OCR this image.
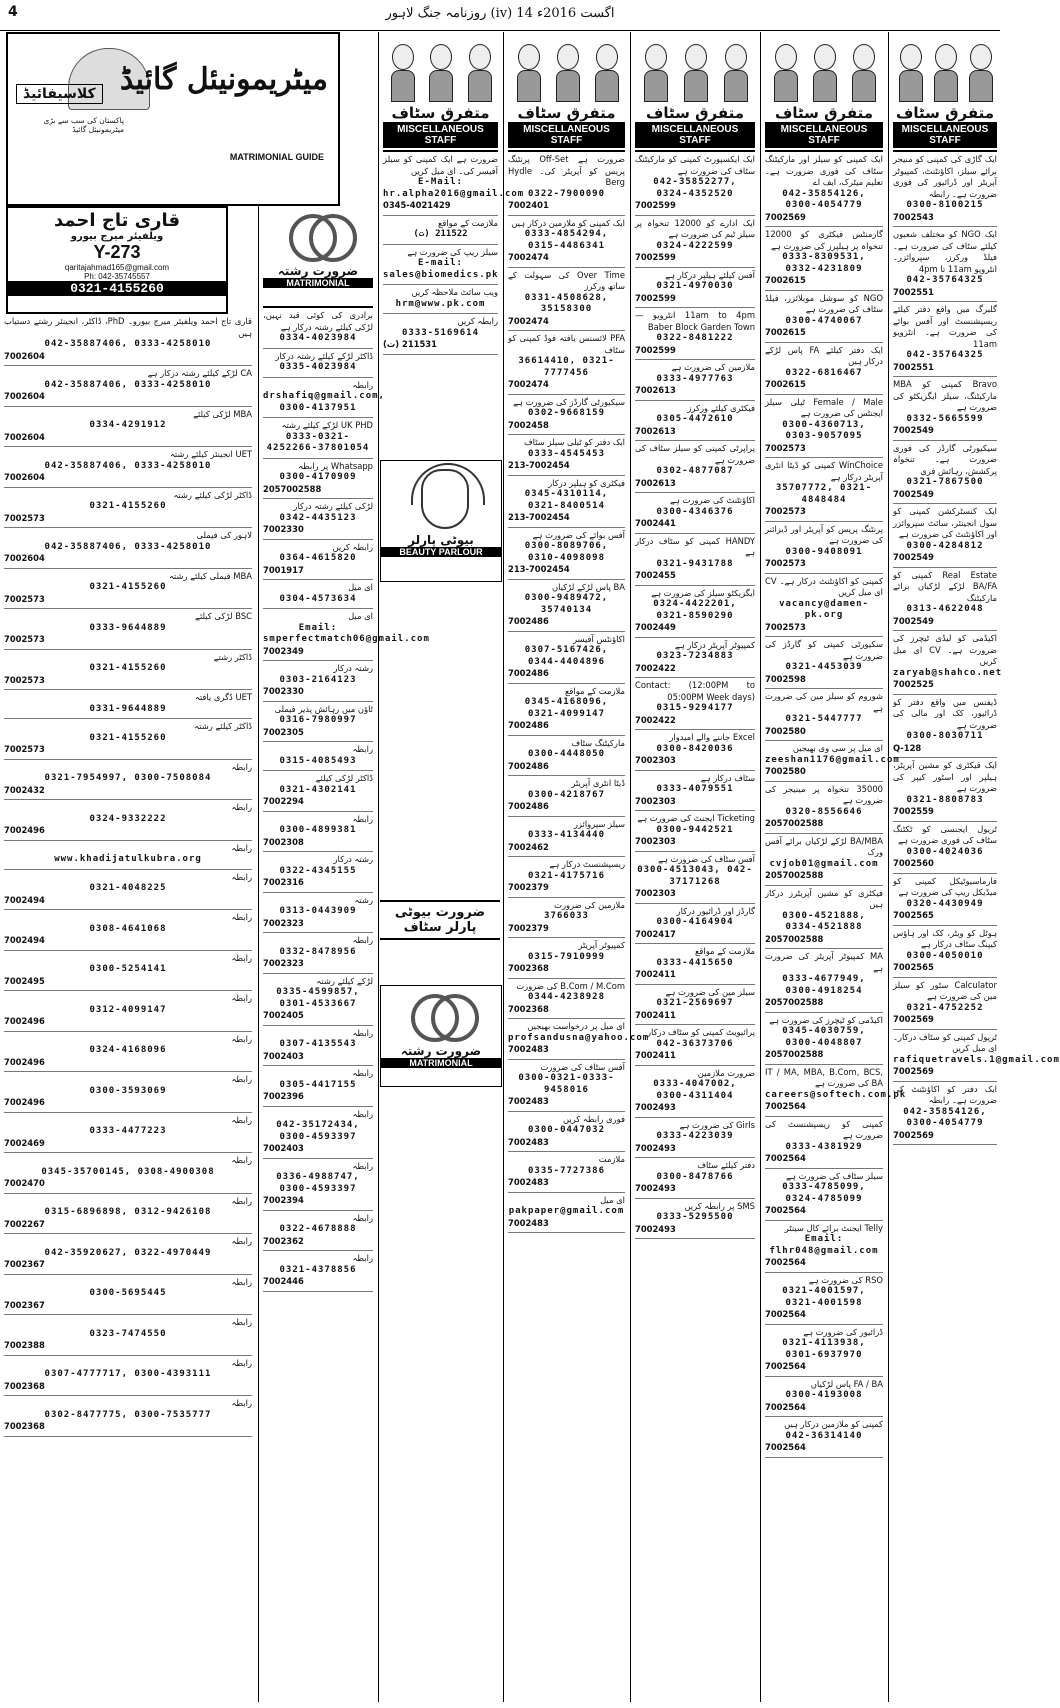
4	روزنامہ جنگ لاہور (iv) 14 اگست 2016ء
متفرق سٹاف
MISCELLANEOUS STAFF
ایک گاڑی کی کمپنی کو منیجر برائے سیلز، اکاؤنٹنٹ، کمپیوٹر آپریٹر اور ڈرائیور کی فوری ضرورت ہے۔ رابطہ
0300-8100215
7002543
ایک NGO کو مختلف شعبوں کیلئے سٹاف کی ضرورت ہے۔ فیلڈ ورکرز، سپروائزر۔ انٹرویو 11am تا 4pm
042-35764325
7002551
گلبرگ میں واقع دفتر کیلئے ریسپشنسٹ اور آفس بوائے کی ضرورت ہے۔ انٹرویو 11am
042-35764325
7002551
Bravo کمپنی کو MBA مارکیٹنگ، سیلز ایگزیکٹو کی ضرورت ہے
0332-5665599
7002549
سیکیورٹی گارڈز کی فوری ضرورت ہے۔ تنخواہ پرکشش، رہائش فری
0321-7867500
7002549
ایک کنسٹرکشن کمپنی کو سول انجینئر، سائٹ سپروائزر اور اکاؤنٹنٹ کی ضرورت ہے
0300-4284812
7002549
Real Estate کمپنی کو BA/FA لڑکے لڑکیاں برائے مارکیٹنگ
0313-4622048
7002549
اکیڈمی کو لیڈی ٹیچرز کی ضرورت ہے۔ CV ای میل کریں
zaryab@shahco.net
7002525
ڈیفنس میں واقع دفتر کو ڈرائیور، کک اور مالی کی ضرورت ہے
0300-8030711
Q-128
ایک فیکٹری کو مشین آپریٹر، ہیلپر اور اسٹور کیپر کی ضرورت ہے
0321-8808783
7002559
ٹریول ایجنسی کو ٹکٹنگ سٹاف کی فوری ضرورت ہے
0300-4024036
7002560
فارماسیوٹیکل کمپنی کو میڈیکل ریپ کی ضرورت ہے
0320-4430949
7002565
ہوٹل کو ویٹر، کک اور ہاؤس کیپنگ سٹاف درکار ہے
0300-4050010
7002565
Calculator سٹور کو سیلز مین کی ضرورت ہے
0321-4752252
7002569
ٹریول کمپنی کو سٹاف درکار۔ ای میل کریں
rafiquetravels.1@gmail.com
7002569
ایک دفتر کو اکاؤنٹنٹ کی ضرورت ہے۔ رابطہ
042-35854126, 0300-4054779
7002569
متفرق سٹاف
MISCELLANEOUS STAFF
ایک کمپنی کو سیلز اور مارکیٹنگ سٹاف کی فوری ضرورت ہے۔ تعلیم میٹرک، ایف اے
042-35854126, 0300-4054779
7002569
گارمنٹس فیکٹری کو 12000 تنخواہ پر ہیلپرز کی ضرورت ہے
0333-8309531, 0332-4231809
7002615
NGO کو سوشل موبلائزر، فیلڈ سٹاف کی ضرورت ہے
0300-4740067
7002615
ایک دفتر کیلئے FA پاس لڑکے درکار ہیں
0322-6816467
7002615
Female / Male ٹیلی سیلز ایجنٹس کی ضرورت ہے
0300-4360713, 0303-9057095
7002573
WinChoice کمپنی کو ڈیٹا انٹری آپریٹر درکار ہے
35707772, 0321-4848484
7002573
پرنٹنگ پریس کو آپریٹر اور ڈیزائنر کی ضرورت ہے
0300-9408091
7002573
کمپنی کو اکاؤنٹنٹ درکار ہے۔ CV ای میل کریں
vacancy@damen-pk.org
7002573
سکیورٹی کمپنی کو گارڈز کی ضرورت ہے
0321-4453039
7002598
شوروم کو سیلز مین کی ضرورت ہے
0321-5447777
7002580
ای میل پر سی وی بھیجیں
zeeshan1176@gmail.com
7002580
35000 تنخواہ پر مینیجر کی ضرورت ہے
0320-8556646
2057002588
BA/MBA لڑکے لڑکیاں برائے آفس ورک
cvjob01@gmail.com
2057002588
فیکٹری کو مشین آپریٹرز درکار ہیں
0300-4521888, 0334-4521888
2057002588
MA کمپیوٹر آپریٹر کی ضرورت ہے
0333-4677949, 0300-4918254
2057002588
اکیڈمی کو ٹیچرز کی ضرورت ہے
0345-4030759, 0300-4048807
2057002588
IT / MA, MBA, B.Com, BCS, BA کی ضرورت ہے
careers@softech.com.pk
7002564
کمپنی کو ریسپشنسٹ کی ضرورت ہے
0333-4381929
7002564
سیلز سٹاف کی ضرورت ہے
0333-4785099, 0324-4785099
7002564
Telly ایجنٹ برائے کال سینٹر
Email: flhr048@gmail.com
7002564
RSO کی ضرورت ہے
0321-4001597, 0321-4001598
7002564
ڈرائیور کی ضرورت ہے
0321-4113938, 0301-6937970
7002564
FA / BA پاس لڑکیاں
0300-4193008
7002564
کمپنی کو ملازمین درکار ہیں
042-36314140
7002564
متفرق سٹاف
MISCELLANEOUS STAFF
ایک ایکسپورٹ کمپنی کو مارکیٹنگ سٹاف کی ضرورت ہے
042-35852277, 0324-4352520
7002599
ایک ادارے کو 12000 تنخواہ پر سیلز ٹیم کی ضرورت ہے
0324-4222599
7002599
آفس کیلئے ہیلپر درکار ہے
0321-4970030
7002599
11am to 4pm انٹرویو — Baber Block Garden Town
0322-8481222
7002599
ملازمین کی ضرورت ہے
0333-4977763
7002613
فیکٹری کیلئے ورکرز
0305-4472610
7002613
پراپرٹی کمپنی کو سیلز سٹاف کی ضرورت ہے
0302-4877087
7002613
اکاؤنٹنٹ کی ضرورت ہے
0300-4346376
7002441
HANDY کمپنی کو سٹاف درکار ہے
0321-9431788
7002455
ایگزیکٹو سیلز کی ضرورت ہے
0324-4422201, 0321-8590290
7002449
کمپیوٹر آپریٹر درکار ہے
0323-7234883
7002422
Contact: (12:00PM to 05:00PM Week days)
0315-9294177
7002422
Excel جاننے والے امیدوار
0300-8420036
7002303
سٹاف درکار ہے
0333-4079551
7002303
Ticketing ایجنٹ کی ضرورت ہے
0300-9442521
7002303
آفس سٹاف کی ضرورت ہے
0300-4513043, 042-37171268
7002303
گارڈز اور ڈرائیور درکار
0300-4164904
7002417
ملازمت کے مواقع
0333-4415650
7002411
سیلز مین کی ضرورت ہے
0321-2569697
7002411
پرائیویٹ کمپنی کو سٹاف درکار
042-36373706
7002411
ضرورت ملازمین
0333-4047002, 0300-4311404
7002493
Girls کی ضرورت ہے
0333-4223039
7002493
دفتر کیلئے سٹاف
0300-8478766
7002493
SMS پر رابطہ کریں
0333-5295500
7002493
متفرق سٹاف
MISCELLANEOUS STAFF
ضرورت ہے Off-Set پرنٹنگ پریس کو آپریٹر کی۔ Hydle Berg
0322-7900090
7002401
ایک کمپنی کو ملازمین درکار ہیں
0333-4854294, 0315-4486341
7002474
Over Time کی سہولت کے ساتھ ورکرز
0331-4508628, 35158300
7002474
PFA لائسنس یافتہ فوڈ کمپنی کو سٹاف
36614410, 0321-7777456
7002474
سیکیورٹی گارڈز کی ضرورت ہے
0302-9668159
7002458
ایک دفتر کو ٹیلی سیلز سٹاف
0333-4545453
213-7002454
فیکٹری کو ہیلپر درکار
0345-4310114, 0321-8400514
213-7002454
آفس بوائے کی ضرورت ہے
0300-8089706, 0310-4098098
213-7002454
BA پاس لڑکے لڑکیاں
0300-9489472, 35740134
7002486
اکاؤنٹس آفیسر
0307-5167426, 0344-4404896
7002486
ملازمت کے مواقع
0345-4168096, 0321-4099147
7002486
مارکیٹنگ سٹاف
0300-4448050
7002486
ڈیٹا انٹری آپریٹر
0300-4218767
7002486
سیلز سپروائزر
0333-4134440
7002462
ریسپشنسٹ درکار ہے
0321-4175716
7002379
ملازمین کی ضرورت
3766033
7002379
کمپیوٹر آپریٹر
0315-7910999
7002368
B.Com / M.Com کی ضرورت
0344-4238928
7002368
ای میل پر درخواست بھیجیں
profsandusna@yahoo.com
7002483
آفس سٹاف کی ضرورت
0300-0321-0333-9458016
7002483
فوری رابطہ کریں
0300-0447032
7002483
ملازمت
0335-7727386
7002483
ای میل
pakpaper@gmail.com
7002483
متفرق سٹاف
MISCELLANEOUS STAFF
ضرورت ہے ایک کمپنی کو سیلز آفیسر کی۔ ای میل کریں
E-Mail: hr.alpha2016@gmail.com
0345-4021429
ملازمت کے مواقع
(ت) 211522
سیلز ریپ کی ضرورت ہے
E-mail: sales@biomedics.pk
ویب سائٹ ملاحظہ کریں
hrm@www.pk.com
رابطہ کریں
0333-5169614
(ت) 211531
بیوٹی پارلر
BEAUTY PARLOUR
ضرورت بیوٹی پارلر سٹاف
ضرورت رشتہ
MATRIMONIAL
ضرورت رشتہ
MATRIMONIAL
برادری کی کوئی قید نہیں، لڑکی کیلئے رشتہ درکار ہے
0334-4023984
ڈاکٹر لڑکے کیلئے رشتہ درکار
0335-4023984
رابطہ
drshafiq@gmail.com, 0300-4137951
UK PHD لڑکے کیلئے رشتہ
0333-0321-4252266-37801054
Whatsapp پر رابطہ
0300-4170909
2057002588
لڑکی کیلئے رشتہ درکار
0342-4435123
7002330
رابطہ کریں
0364-4615820
7001917
ای میل
0304-4573634
ای میل
Email: smperfectmatch06@gmail.com
7002349
رشتہ درکار
0303-2164123
7002330
ٹاؤن میں رہائش پذیر فیملی
0316-7980997
7002305
رابطہ
0315-4085493
ڈاکٹر لڑکی کیلئے
0321-4302141
7002294
رابطہ
0300-4899381
7002308
رشتہ درکار
0322-4345155
7002316
رشتہ
0313-0443909
7002323
رابطہ
0332-8478956
7002323
لڑکے کیلئے رشتہ
0335-4599857, 0301-4533667
7002405
رابطہ
0307-4135543
7002403
رابطہ
0305-4417155
7002396
رابطہ
042-35172434, 0300-4593397
7002403
رابطہ
0336-4988747, 0300-4593397
7002394
رابطہ
0322-4678888
7002362
رابطہ
0321-4378856
7002446
قاری تاج احمد ویلفیئر میرج بیورو۔ PhD، ڈاکٹر، انجینئر رشتے دستیاب ہیں
042-35887406, 0333-4258010
7002604
CA لڑکے کیلئے رشتہ درکار ہے
042-35887406, 0333-4258010
7002604
MBA لڑکی کیلئے
0334-4291912
7002604
UET انجینئر کیلئے رشتہ
042-35887406, 0333-4258010
7002604
ڈاکٹر لڑکی کیلئے رشتہ
0321-4155260
7002573
لاہور کی فیملی
042-35887406, 0333-4258010
7002604
MBA فیملی کیلئے رشتہ
0321-4155260
7002573
BSC لڑکی کیلئے
0333-9644889
7002573
ڈاکٹر رشتے
0321-4155260
7002573
UET ڈگری یافتہ
0331-9644889
ڈاکٹر کیلئے رشتہ
0321-4155260
7002573
رابطہ
0321-7954997, 0300-7508084
7002432
رابطہ
0324-9332222
7002496
رابطہ
www.khadijatulkubra.org
رابطہ
0321-4048225
7002494
رابطہ
0308-4641068
7002494
رابطہ
0300-5254141
7002495
رابطہ
0312-4099147
7002496
رابطہ
0324-4168096
7002496
رابطہ
0300-3593069
7002496
رابطہ
0333-4477223
7002469
رابطہ
0345-35700145, 0308-4900308
7002470
رابطہ
0315-6896898, 0312-9426108
7002267
رابطہ
042-35920627, 0322-4970449
7002367
رابطہ
0300-5695445
7002367
رابطہ
0323-7474550
7002388
رابطہ
0307-4777717, 0300-4393111
7002368
رابطہ
0302-8477775, 0300-7535777
7002368
کلاسیفائیڈ
پاکستان کی سب سے بڑی میٹریمونیئل گائیڈ
میٹریمونیئل گائیڈ
MATRIMONIAL GUIDE
قاری تاج احمد
ویلفیئر میرج بیورو
Y-273
qaritajahmad165@gmail.com
Ph: 042-35745557
0321-4155260
